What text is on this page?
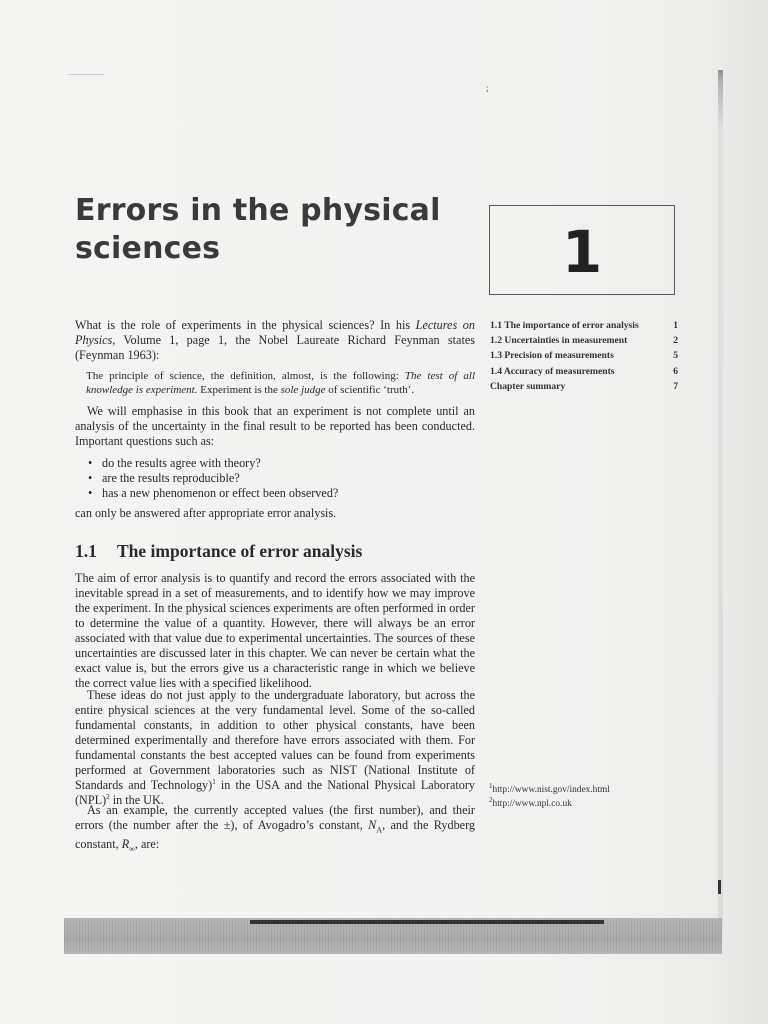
;
Errors in the physical sciences	1

What is the role of experiments in the physical sciences? In his Lectures on Physics, Volume 1, page 1, the Nobel Laureate Richard Feynman states (Feynman 1963):

The principle of science, the definition, almost, is the following: The test of all knowledge is experiment. Experiment is the sole judge of scientific ‘truth’.

We will emphasise in this book that an experiment is not complete until an analysis of the uncertainty in the final result to be reported has been conducted. Important questions such as:

• do the results agree with theory?
• are the results reproducible?
• has a new phenomenon or effect been observed?

can only be answered after appropriate error analysis.

1.1 The importance of error analysis

The aim of error analysis is to quantify and record the errors associated with the inevitable spread in a set of measurements, and to identify how we may improve the experiment. In the physical sciences experiments are often performed in order to determine the value of a quantity. However, there will always be an error associated with that value due to experimental uncertainties. The sources of these uncertainties are discussed later in this chapter. We can never be certain what the exact value is, but the errors give us a characteristic range in which we believe the correct value lies with a specified likelihood.

These ideas do not just apply to the undergraduate laboratory, but across the entire physical sciences at the very fundamental level. Some of the so-called fundamental constants, in addition to other physical constants, have been determined experimentally and therefore have errors associated with them. For fundamental constants the best accepted values can be found from experiments performed at Government laboratories such as NIST (National Institute of Standards and Technology)$^1$ in the USA and the National Physical Laboratory (NPL)$^2$ in the UK.

As an example, the currently accepted values (the first number), and their errors (the number after the ±), of Avogadro’s constant, $N_A$, and the Rydberg constant, $R_\infty$, are:

1.1 The importance of error analysis	1
1.2 Uncertainties in measurement	2
1.3 Precision of measurements	5
1.4 Accuracy of measurements	6
Chapter summary	7
$^1$http://www.nist.gov/index.html
$^2$http://www.npl.co.uk
